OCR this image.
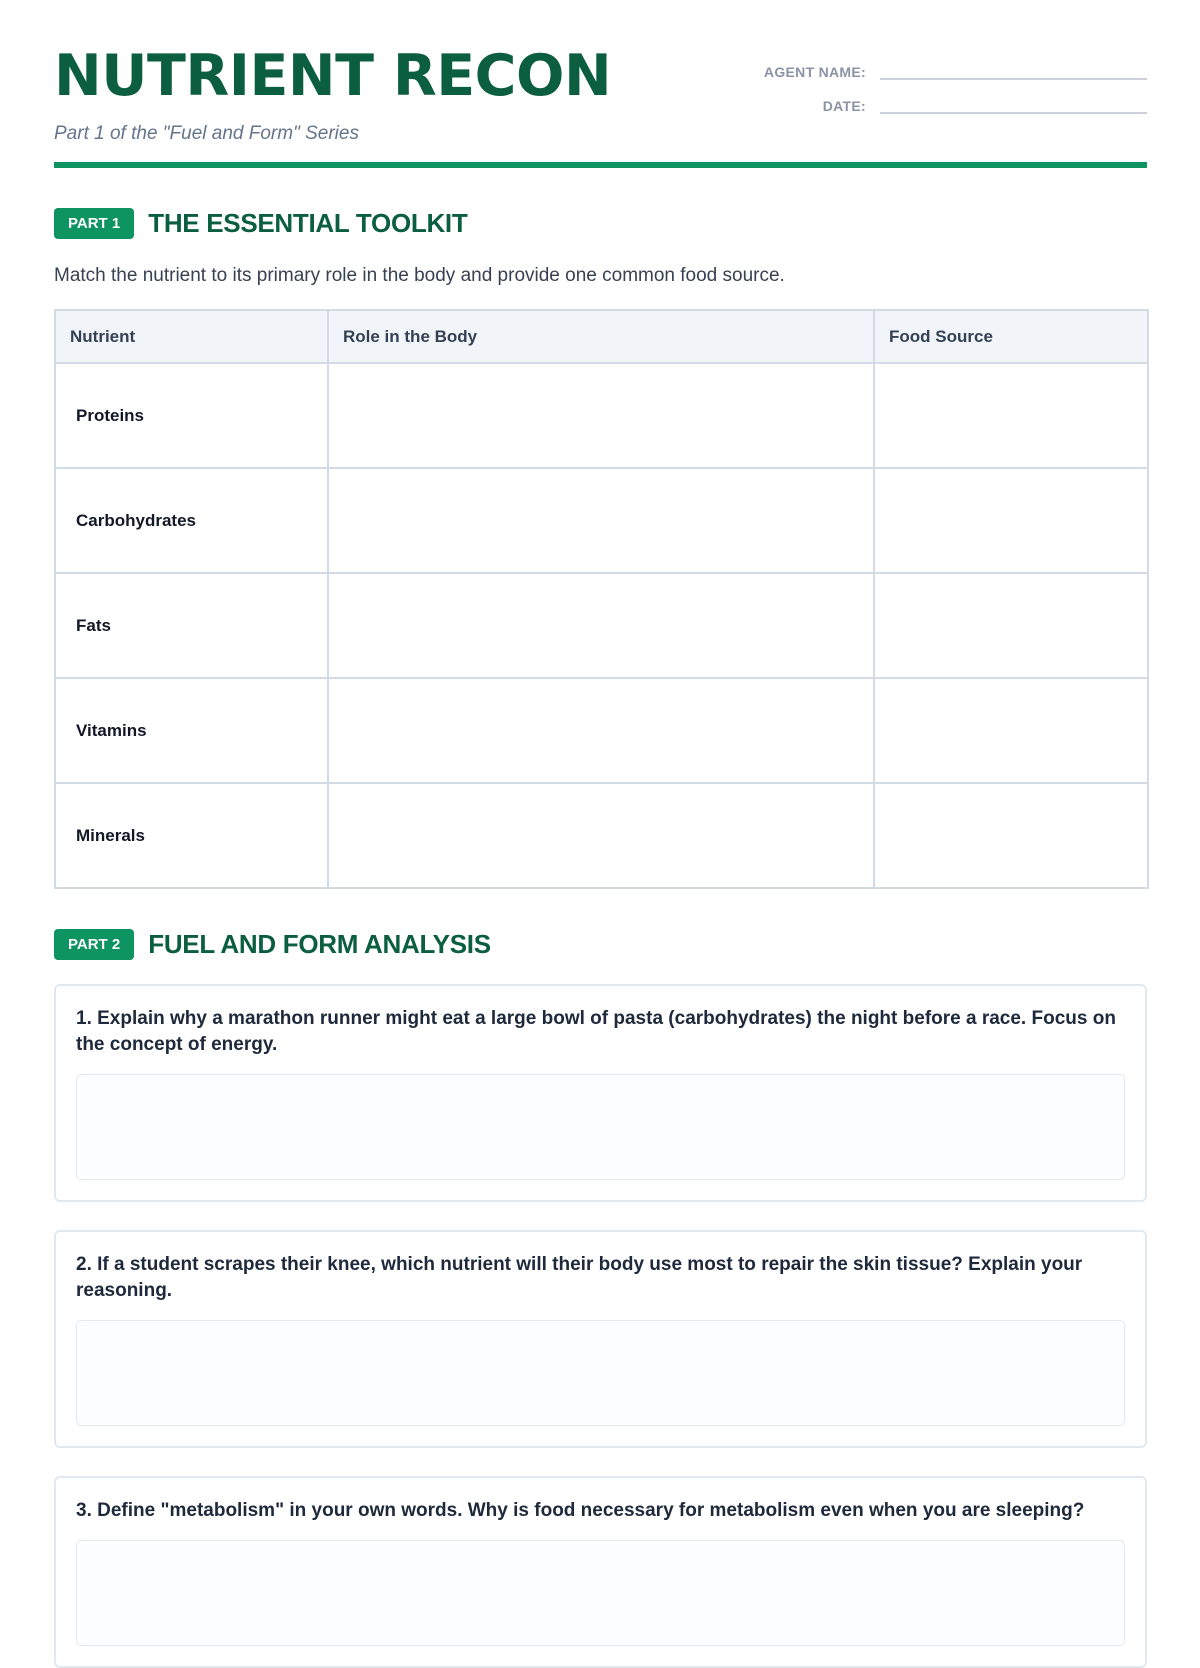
NUTRIENT RECON
Part 1 of the "Fuel and Form" Series
AGENT NAME:
DATE:
PART 1	THE ESSENTIAL TOOLKIT
Match the nutrient to its primary role in the body and provide one common food source.
Nutrient	Role in the Body	Food Source
Proteins		
Carbohydrates		
Fats		
Vitamins		
Minerals		
PART 2	FUEL AND FORM ANALYSIS
1. Explain why a marathon runner might eat a large bowl of pasta (carbohydrates) the night before a race. Focus on the concept of energy.
2. If a student scrapes their knee, which nutrient will their body use most to repair the skin tissue? Explain your reasoning.
3. Define "metabolism" in your own words. Why is food necessary for metabolism even when you are sleeping?
